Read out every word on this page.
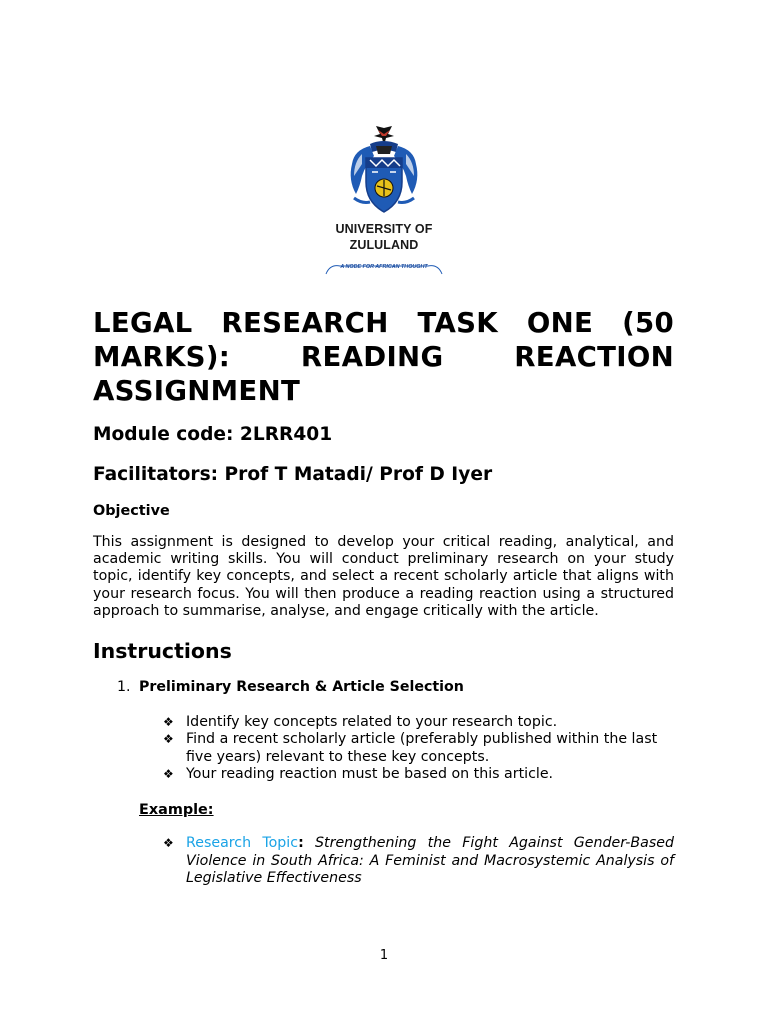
UNIVERSITY OF
ZULULAND
A NODE FOR AFRICAN THOUGHT
LEGAL RESEARCH TASK ONE (50 MARKS): READING REACTION ASSIGNMENT
Module code: 2LRR401
Facilitators: Prof T Matadi/ Prof D Iyer
Objective

This assignment is designed to develop your critical reading, analytical, and academic writing skills. You will conduct preliminary research on your study topic, identify key concepts, and select a recent scholarly article that aligns with your research focus. You will then produce a reading reaction using a structured approach to summarise, analyse, and engage critically with the article.

Instructions
1. Preliminary Research & Article Selection
❖ Identify key concepts related to your research topic.
❖ Find a recent scholarly article (preferably published within the last five years) relevant to these key concepts.
❖ Your reading reaction must be based on this article.
Example:
❖ Research Topic: Strengthening the Fight Against Gender-Based Violence in South Africa: A Feminist and Macrosystemic Analysis of Legislative Effectiveness
1
